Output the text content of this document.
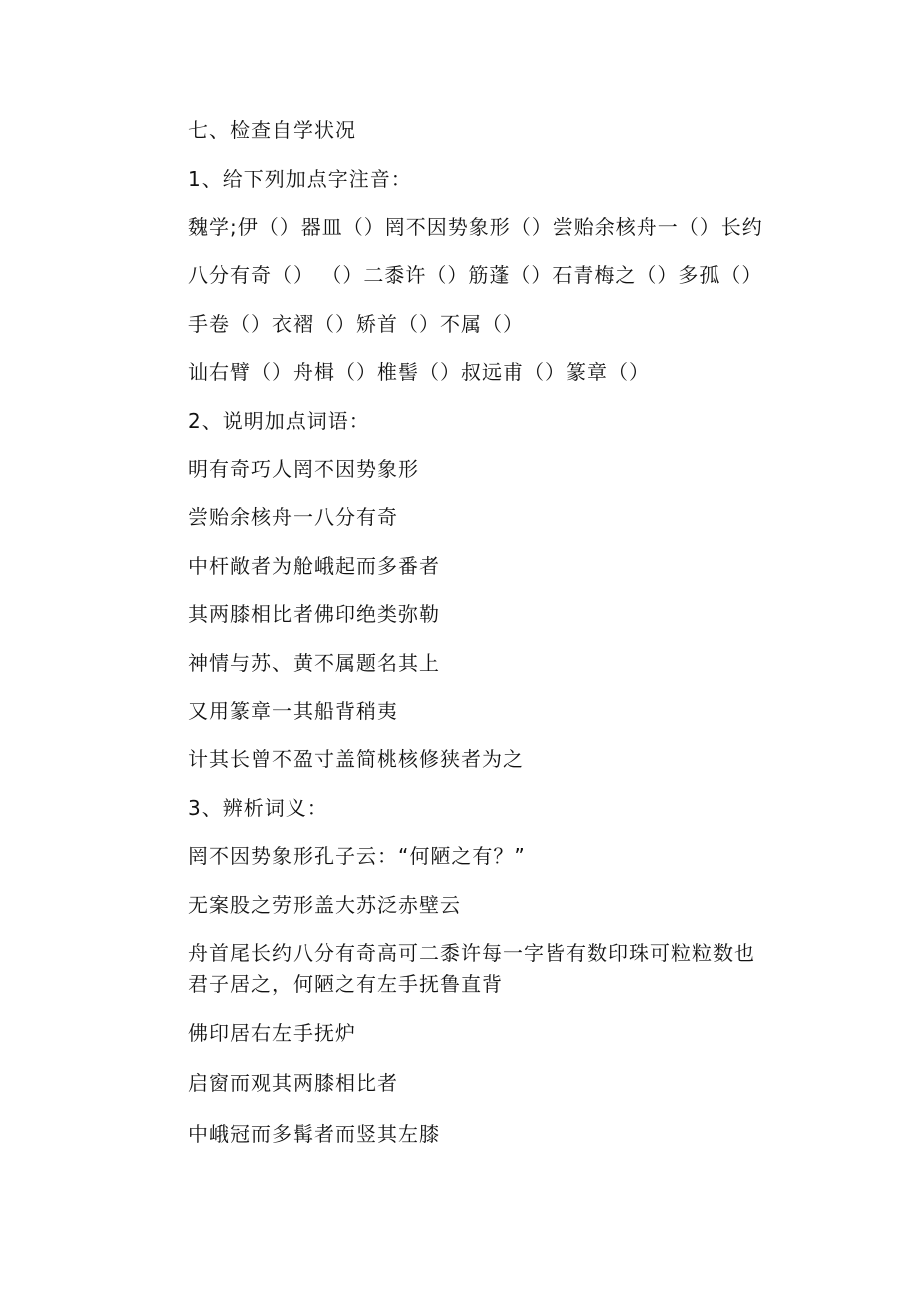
七、检查自学状况
1、给下列加点字注音：
魏学;伊（）器皿（）罔不因势象形（）尝贻余核舟一（）长约
八分有奇（） （）二黍许（）筋蓬（）石青梅之（）多孤（）
手卷（）衣褶（）矫首（）不属（）
讪右臂（）舟楫（）椎髻（）叔远甫（）篆章（）
2、说明加点词语：
明有奇巧人罔不因势象形
尝贻余核舟一八分有奇
中杆敞者为舱峨起而多番者
其两膝相比者佛印绝类弥勒
神情与苏、黄不属题名其上
又用篆章一其船背稍夷
计其长曾不盈寸盖简桃核修狭者为之
3、辨析词义：
罔不因势象形孔子云：“何陋之有？”
无案股之劳形盖大苏泛赤壁云
舟首尾长约八分有奇高可二黍许每一字皆有数印珠可粒粒数也
君子居之，何陋之有左手抚鲁直背
佛印居右左手抚炉
启窗而观其两膝相比者
中峨冠而多髯者而竖其左膝
